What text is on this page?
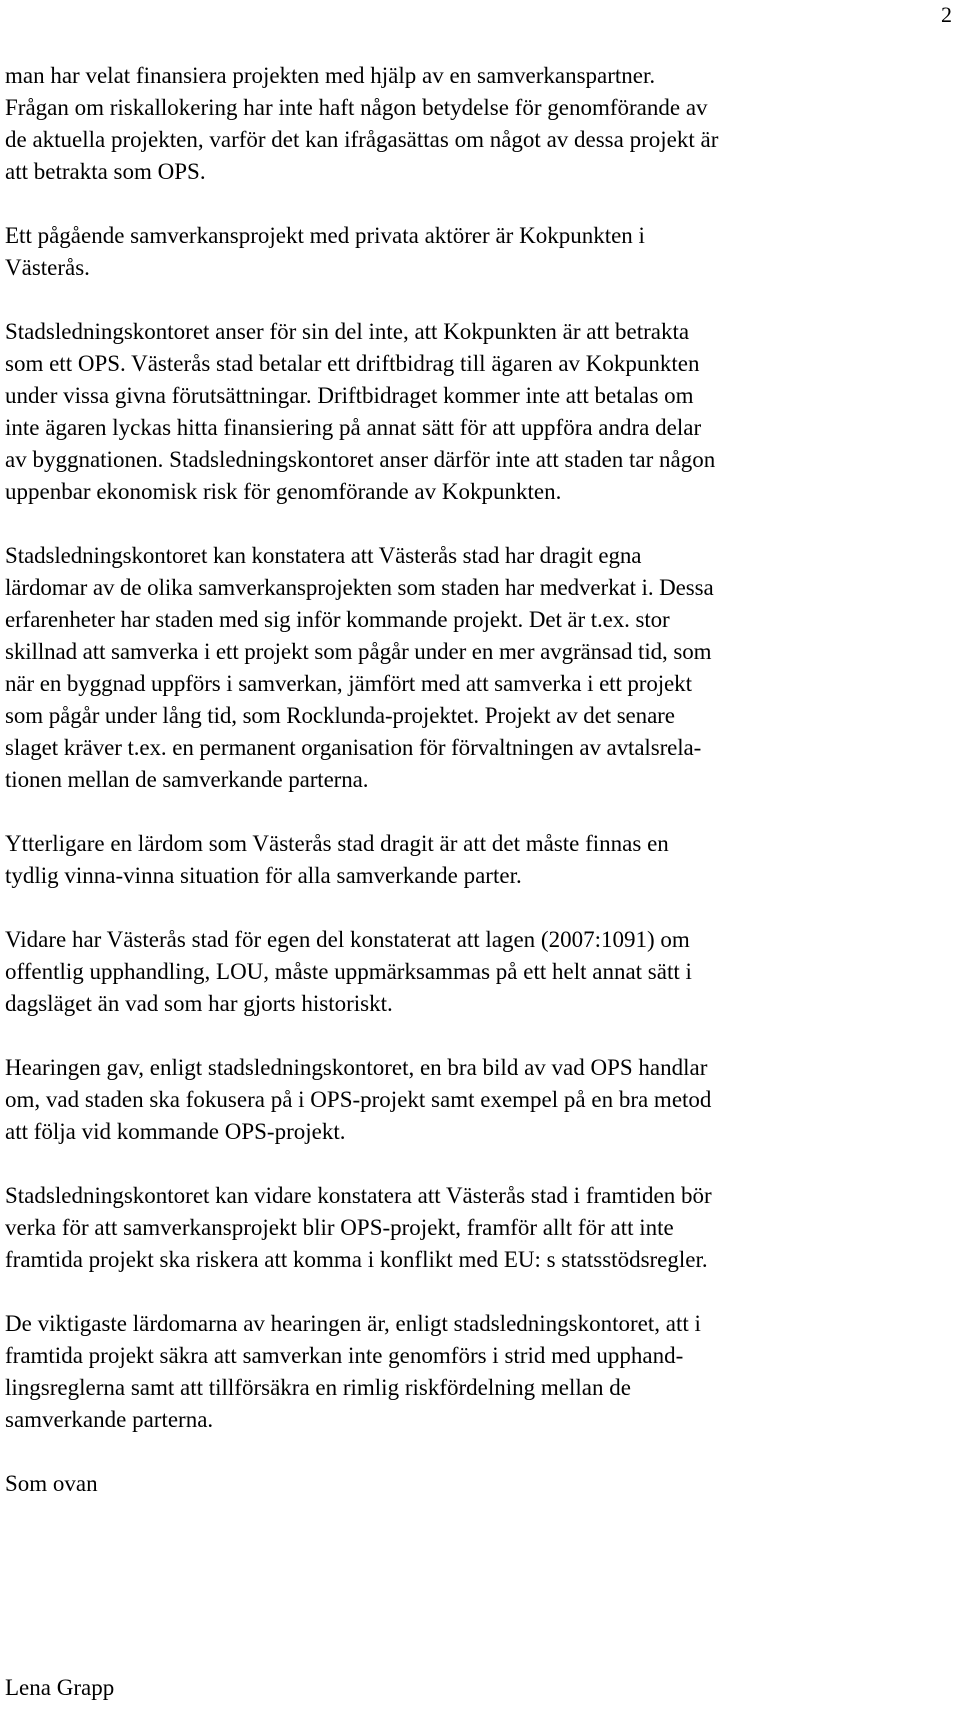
2

man har velat finansiera projekten med hjälp av en samverkanspartner.
Frågan om riskallokering har inte haft någon betydelse för genomförande av
de aktuella projekten, varför det kan ifrågasättas om något av dessa projekt är
att betrakta som OPS.

Ett pågående samverkansprojekt med privata aktörer är Kokpunkten i
Västerås.

Stadsledningskontoret anser för sin del inte, att Kokpunkten är att betrakta
som ett OPS. Västerås stad betalar ett driftbidrag till ägaren av Kokpunkten
under vissa givna förutsättningar. Driftbidraget kommer inte att betalas om
inte ägaren lyckas hitta finansiering på annat sätt för att uppföra andra delar
av byggnationen. Stadsledningskontoret anser därför inte att staden tar någon
uppenbar ekonomisk risk för genomförande av Kokpunkten.

Stadsledningskontoret kan konstatera att Västerås stad har dragit egna
lärdomar av de olika samverkansprojekten som staden har medverkat i. Dessa
erfarenheter har staden med sig inför kommande projekt. Det är t.ex. stor
skillnad att samverka i ett projekt som pågår under en mer avgränsad tid, som
när en byggnad uppförs i samverkan, jämfört med att samverka i ett projekt
som pågår under lång tid, som Rocklunda-projektet. Projekt av det senare
slaget kräver t.ex. en permanent organisation för förvaltningen av avtalsrela-
tionen mellan de samverkande parterna.

Ytterligare en lärdom som Västerås stad dragit är att det måste finnas en
tydlig vinna-vinna situation för alla samverkande parter.

Vidare har Västerås stad för egen del konstaterat att lagen (2007:1091) om
offentlig upphandling, LOU, måste uppmärksammas på ett helt annat sätt i
dagsläget än vad som har gjorts historiskt.

Hearingen gav, enligt stadsledningskontoret, en bra bild av vad OPS handlar
om, vad staden ska fokusera på i OPS-projekt samt exempel på en bra metod
att följa vid kommande OPS-projekt.

Stadsledningskontoret kan vidare konstatera att Västerås stad i framtiden bör
verka för att samverkansprojekt blir OPS-projekt, framför allt för att inte
framtida projekt ska riskera att komma i konflikt med EU: s statsstödsregler.

De viktigaste lärdomarna av hearingen är, enligt stadsledningskontoret, att i
framtida projekt säkra att samverkan inte genomförs i strid med upphand-
lingsreglerna samt att tillförsäkra en rimlig riskfördelning mellan de
samverkande parterna.

Som ovan

Lena Grapp
